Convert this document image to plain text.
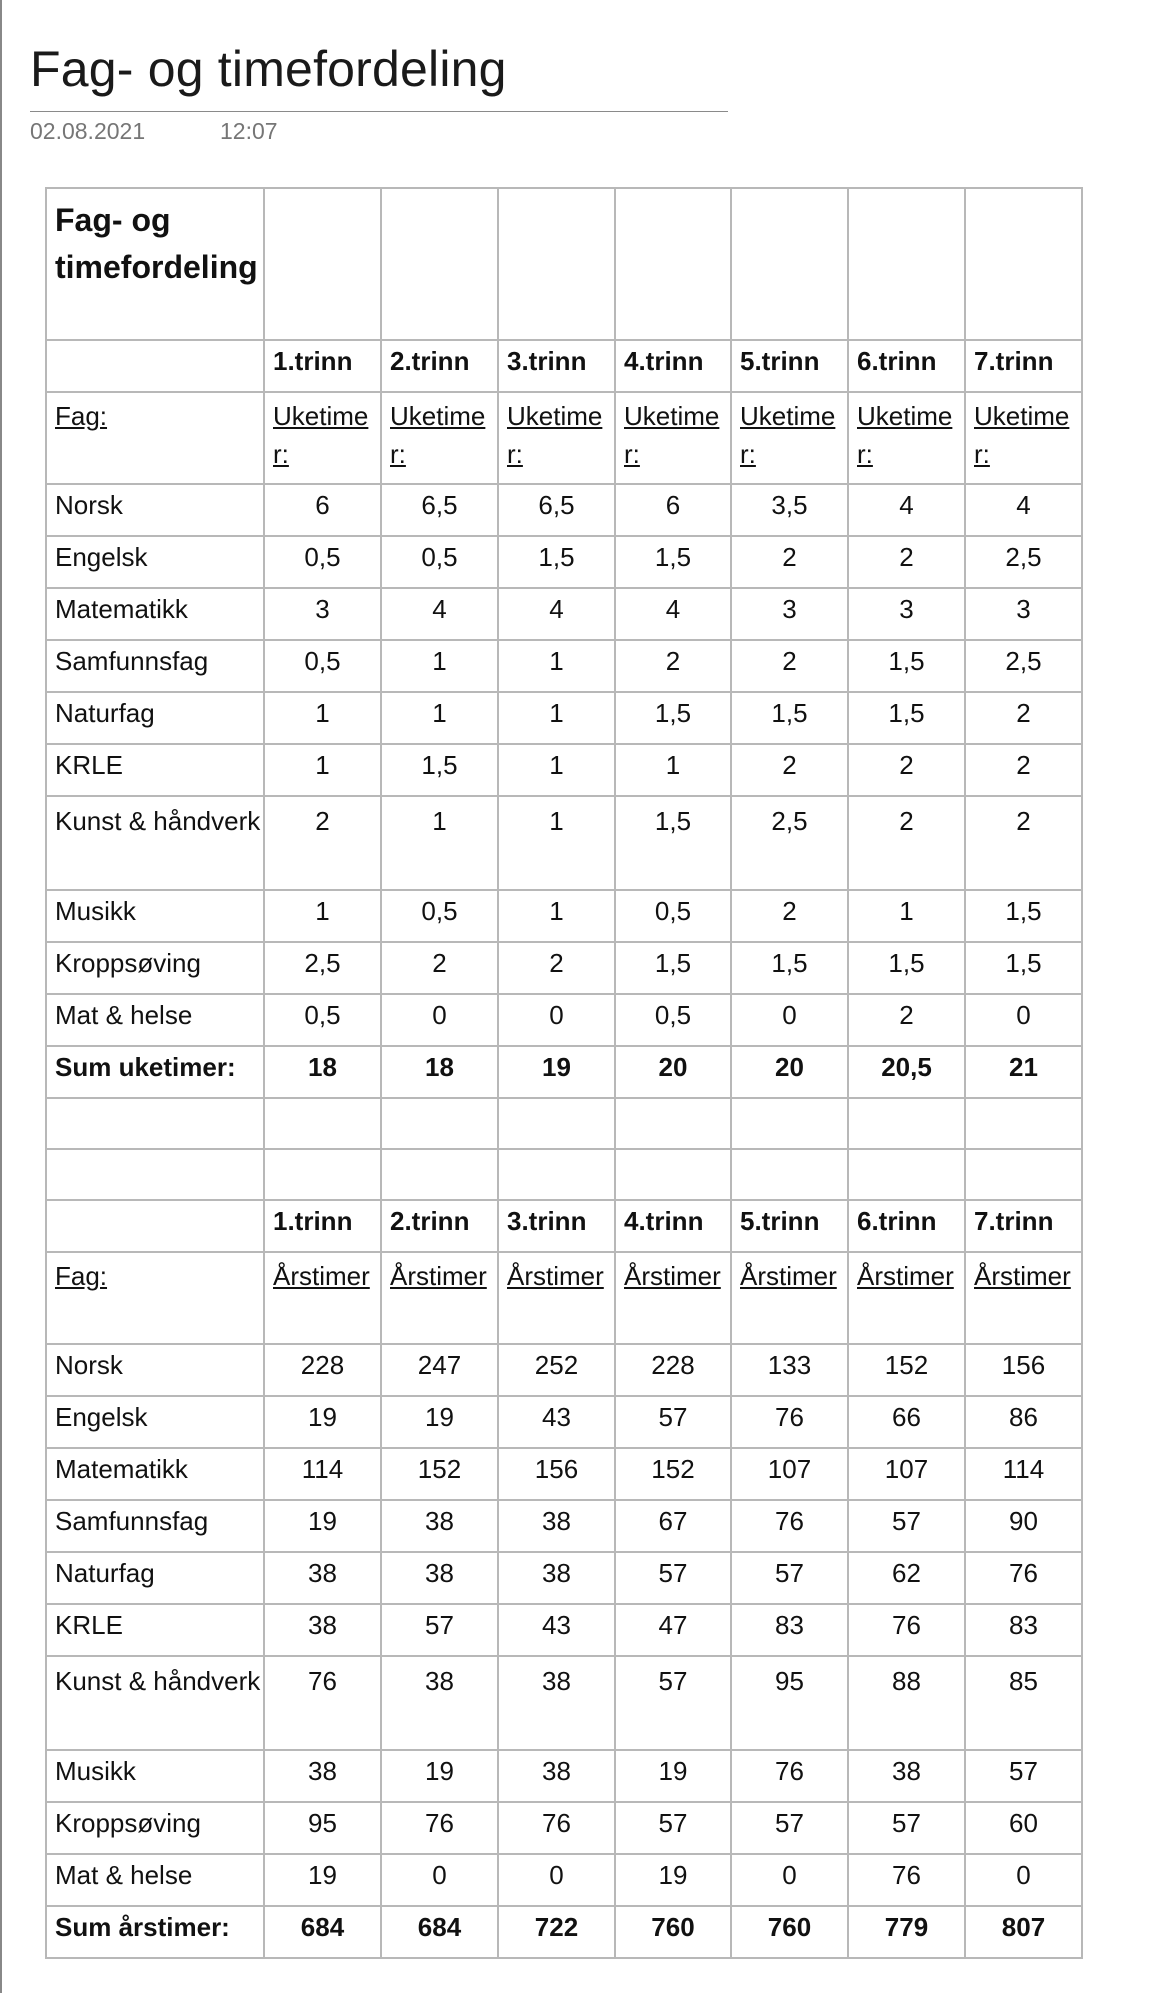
Fag- og timefordeling
02.08.2021	12:07
Fag- og timefordeling							

	1.trinn	2.trinn	3.trinn	4.trinn	5.trinn	6.trinn	7.trinn
Fag:	Uketimer:	Uketimer:	Uketimer:	Uketimer:	Uketimer:	Uketimer:	Uketimer:

Norsk	6	6,5	6,5	6	3,5	4	4
Engelsk	0,5	0,5	1,5	1,5	2	2	2,5
Matematikk	3	4	4	4	3	3	3
Samfunnsfag	0,5	1	1	2	2	1,5	2,5
Naturfag	1	1	1	1,5	1,5	1,5	2
KRLE	1	1,5	1	1	2	2	2
Kunst & håndverk	2	1	1	1,5	2,5	2	2
Musikk	1	0,5	1	0,5	2	1	1,5
Kroppsøving	2,5	2	2	1,5	1,5	1,5	1,5
Mat & helse	0,5	0	0	0,5	0	2	0
Sum uketimer:	18	18	19	20	20	20,5	21

	1.trinn	2.trinn	3.trinn	4.trinn	5.trinn	6.trinn	7.trinn
Fag:	Årstimer	Årstimer	Årstimer	Årstimer	Årstimer	Årstimer	Årstimer

Norsk	228	247	252	228	133	152	156
Engelsk	19	19	43	57	76	66	86
Matematikk	114	152	156	152	107	107	114
Samfunnsfag	19	38	38	67	76	57	90
Naturfag	38	38	38	57	57	62	76
KRLE	38	57	43	47	83	76	83
Kunst & håndverk	76	38	38	57	95	88	85
Musikk	38	19	38	19	76	38	57
Kroppsøving	95	76	76	57	57	57	60
Mat & helse	19	0	0	19	0	76	0
Sum årstimer:	684	684	722	760	760	779	807
